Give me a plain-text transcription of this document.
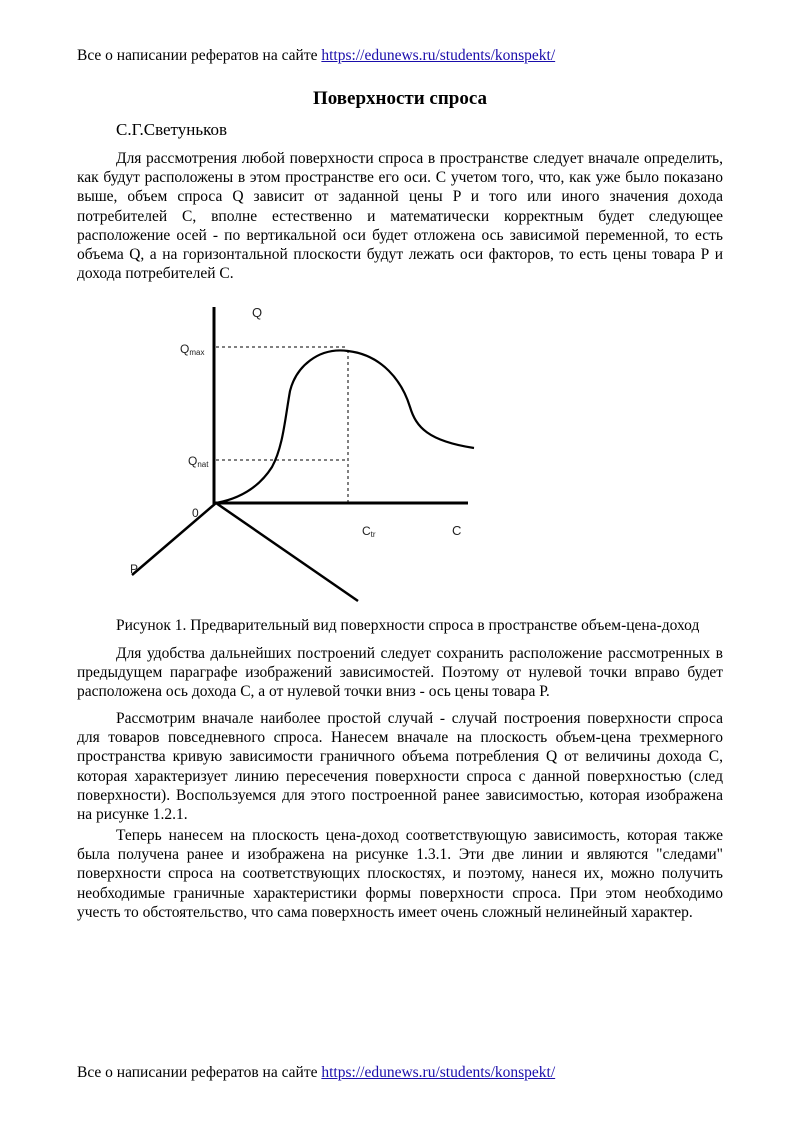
Все о написании рефератов на сайте https://edunews.ru/students/konspekt/
Поверхности спроса
С.Г.Светуньков

Для рассмотрения любой поверхности спроса в пространстве следует вначале определить, как будут расположены в этом пространстве его оси. С учетом того, что, как уже было показано выше, объем спроса Q зависит от заданной цены P и того или иного значения дохода потребителей С, вполне естественно и математически корректным будет следующее расположение осей - по вертикальной оси будет отложена ось зависимой переменной, то есть объема Q, а на горизонтальной плоскости будут лежать оси факторов, то есть цены товара Р и дохода потребителей С.

Q
Qmax
Qnat
0
Ctr	C
P
Рисунок 1. Предварительный вид поверхности спроса в пространстве объем-цена-доход

Для удобства дальнейших построений следует сохранить расположение рассмотренных в предыдущем параграфе изображений зависимостей. Поэтому от нулевой точки вправо будет расположена ось дохода С, а от нулевой точки вниз - ось цены товара Р.

Рассмотрим вначале наиболее простой случай - случай построения поверхности спроса для товаров повседневного спроса. Нанесем вначале на плоскость объем-цена трехмерного пространства кривую зависимости граничного объема потребления Q от величины дохода С, которая характеризует линию пересечения поверхности спроса с данной поверхностью (след поверхности). Воспользуемся для этого построенной ранее зависимостью, которая изображена на рисунке 1.2.1.

Теперь нанесем на плоскость цена-доход соответствующую зависимость, которая также была получена ранее и изображена на рисунке 1.3.1. Эти две линии и являются "следами" поверхности спроса на соответствующих плоскостях, и поэтому, нанеся их, можно получить необходимые граничные характеристики формы поверхности спроса. При этом необходимо учесть то обстоятельство, что сама поверхность имеет очень сложный нелинейный характер.

Все о написании рефератов на сайте https://edunews.ru/students/konspekt/
